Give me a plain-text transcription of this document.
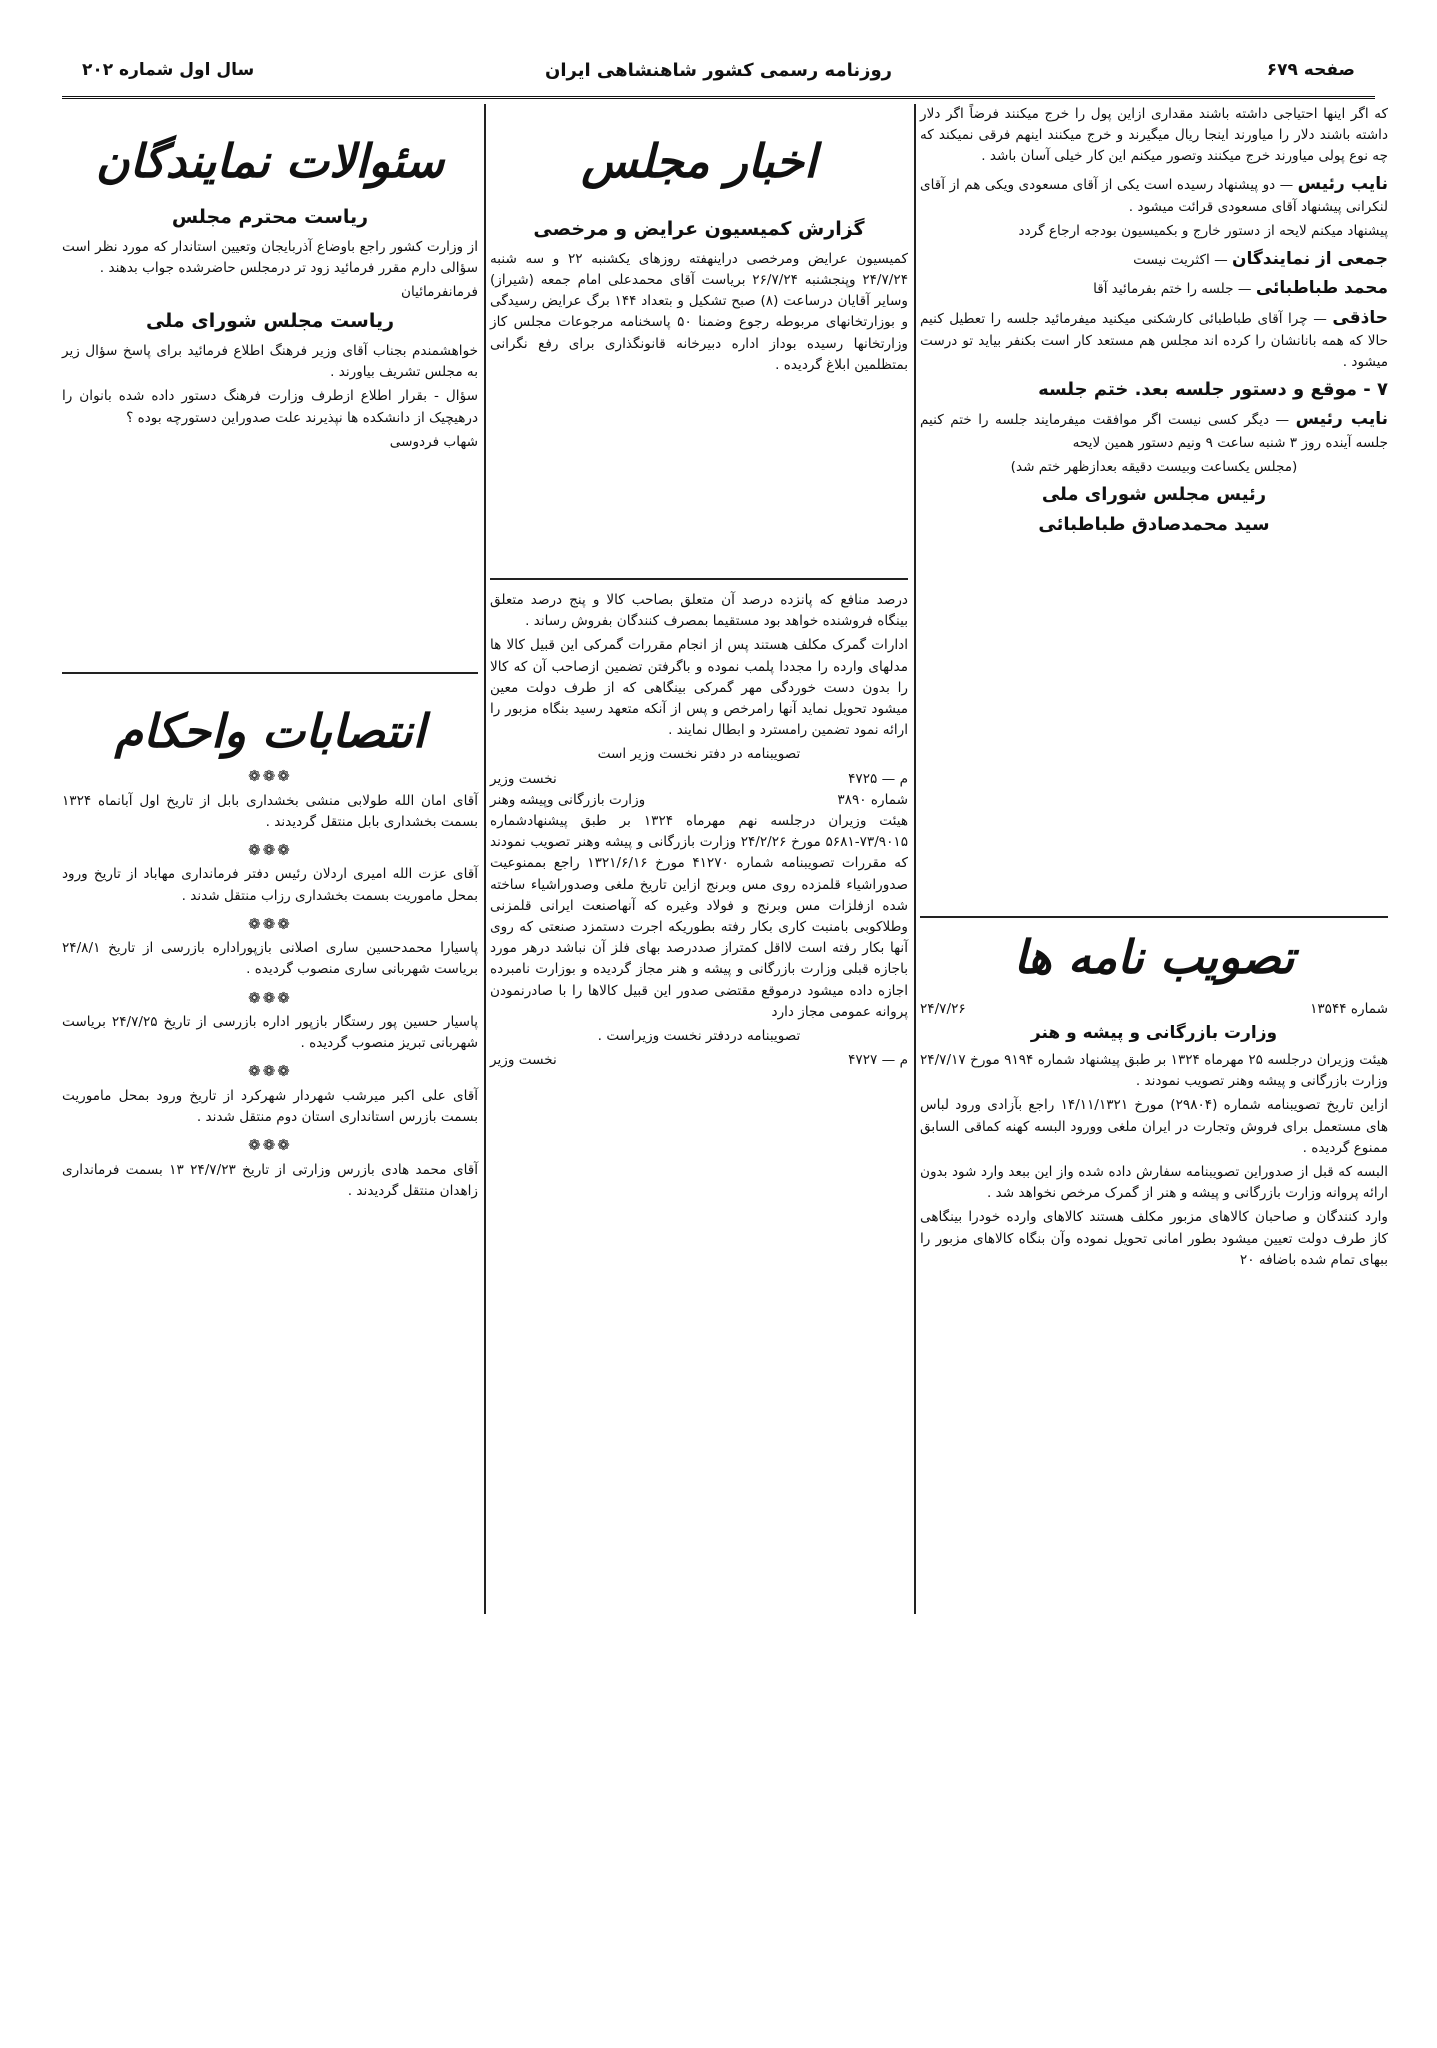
صفحه ۶۷۹
روزنامه رسمی کشور شاهنشاهی ایران
سال اول شماره ۲۰۲

که اگر اینها احتیاجی داشته باشند مقداری ازاین پول را خرج میکنند فرضاً اگر دلار داشته باشند دلار را میاورند اینجا ریال میگیرند و خرج میکنند اینهم فرقی نمیکند که چه نوع پولی میاورند خرج میکنند وتصور میکنم این کار خیلی آسان باشد .

نایب رئیس — دو پیشنهاد رسیده است یکی از آقای مسعودی ویکی هم از آقای لنکرانی پیشنهاد آقای مسعودی قرائت میشود .

پیشنهاد میکنم لایحه از دستور خارج و بکمیسیون بودجه ارجاع گردد

جمعی از نمایندگان — اکثریت نیست

محمد طباطبائی — جلسه را ختم بفرمائید آقا

حاذقی — چرا آقای طباطبائی کارشکنی میکنید میفرمائید جلسه را تعطیل کنیم حالا که همه بانانشان را کرده اند مجلس هم مستعد کار است بکنفر بیاید تو درست میشود .

۷ - موقع و دستور جلسه بعد. ختم جلسه

نایب رئیس — دیگر کسی نیست اگر موافقت میفرمایند جلسه را ختم کنیم جلسه آینده روز ۳ شنبه ساعت ۹ ونیم دستور همین لایحه

(مجلس یکساعت وبیست دقیقه بعدازظهر ختم شد)

رئیس مجلس شورای ملی

سید محمدصادق طباطبائی

تصویب نامه ها
شماره ۱۳۵۴۴
۲۴/۷/۲۶

وزارت بازرگانی و پیشه و هنر

هیئت وزیران درجلسه ۲۵ مهرماه ۱۳۲۴ بر طبق پیشنهاد شماره ۹۱۹۴ مورخ ۲۴/۷/۱۷ وزارت بازرگانی و پیشه وهنر تصویب نمودند .

ازاین تاریخ تصویبنامه شماره (۲۹۸۰۴) مورخ ۱۴/۱۱/۱۳۲۱ راجع بآزادی ورود لباس های مستعمل برای فروش وتجارت در ایران ملغی وورود البسه کهنه کماقی السابق ممنوع گردیده .

البسه که قبل از صدوراین تصویبنامه سفارش داده شده واز این ببعد وارد شود بدون ارائه پروانه وزارت بازرگانی و پیشه و هنر از گمرک مرخص نخواهد شد .

وارد کنندگان و صاحبان کالاهای مزبور مکلف هستند کالاهای وارده خودرا بینگاهی کاز طرف دولت تعیین میشود بطور امانی تحویل نموده وآن بنگاه کالاهای مزبور را ببهای تمام شده باضافه ۲۰

اخبار مجلس
گزارش کمیسیون عرایض و مرخصی

کمیسیون عرایض ومرخصی دراینهفته روزهای یکشنبه ۲۲ و سه شنبه ۲۴/۷/۲۴ وپنجشنبه ۲۶/۷/۲۴ بریاست آقای محمدعلی امام جمعه (شیراز) وسایر آقایان درساعت (۸) صبح تشکیل و بتعداد ۱۴۴ برگ عرایض رسیدگی و بوزارتخانهای مربوطه رجوع وضمنا ۵۰ پاسخنامه مرجوعات مجلس کاز وزارتخانها رسیده بوداز اداره دبیرخانه قانونگذاری برای رفع نگرانی بمتظلمین ابلاغ گردیده .

درصد منافع که پانزده درصد آن متعلق بصاحب کالا و پنج درصد متعلق بینگاه فروشنده خواهد بود مستقیما بمصرف کنندگان بفروش رساند .

ادارات گمرک مکلف هستند پس از انجام مقررات گمرکی این قبیل کالا ها مدلهای وارده را مجددا پلمب نموده و باگرفتن تضمین ازصاحب آن که کالا را بدون دست خوردگی مهر گمرکی بینگاهی که از طرف دولت معین میشود تحویل نماید آنها رامرخص و پس از آنکه متعهد رسید بنگاه مزبور را ارائه نمود تضمین رامسترد و ابطال نمایند .

تصویبنامه در دفتر نخست وزیر است

م — ۴۷۲۵
نخست وزیر
شماره ۳۸۹۰
وزارت بازرگانی وپیشه وهنر

هیئت وزیران درجلسه نهم مهرماه ۱۳۲۴ بر طبق پیشنهادشماره ۷۳/۹۰۱۵-۵۶۸۱ مورخ ۲۴/۲/۲۶ وزارت بازرگانی و پیشه وهنر تصویب نمودند که مقررات تصویبنامه شماره ۴۱۲۷۰ مورخ ۱۳۲۱/۶/۱۶ راجع بممنوعیت صدوراشیاء قلمزده روی مس وبرنج ازاین تاریخ ملغی وصدوراشیاء ساخته شده ازفلزات مس وبرنج و فولاد وغیره که آنهاصنعت ایرانی قلمزنی وطلاکوبی بامنبت کاری بکار رفته بطوریکه اجرت دستمزد صنعتی که روی آنها بکار رفته است لااقل کمتراز صددرصد بهای فلز آن نباشد درهر مورد باجازه قبلی وزارت بازرگانی و پیشه و هنر مجاز گردیده و بوزارت نامبرده اجازه داده میشود درموقع مقتضی صدور این قبیل کالاها را با صادرنمودن پروانه عمومی مجاز دارد

تصویبنامه دردفتر نخست وزیراست .

م — ۴۷۲۷
نخست وزیر
سئوالات نمایندگان
ریاست محترم مجلس

از وزارت کشور راجع باوضاع آذربایجان وتعیین استاندار که مورد نظر است سؤالی دارم مقرر فرمائید زود تر درمجلس حاضرشده جواب بدهند .

فرمانفرمائیان

ریاست مجلس شورای ملی

خواهشمندم بجناب آقای وزیر فرهنگ اطلاع فرمائید برای پاسخ سؤال زیر به مجلس تشریف بیاورند .

سؤال - بقرار اطلاع ازطرف وزارت فرهنگ دستور داده شده بانوان را درهیچیک از دانشکده ها نپذیرند علت صدوراین دستورچه بوده ؟

شهاب فردوسی

انتصابات واحکام
❁❁❁

آقای امان الله طولابی منشی بخشداری بابل از تاریخ اول آبانماه ۱۳۲۴ بسمت بخشداری بابل منتقل گردیدند .

❁❁❁

آقای عزت الله امیری اردلان رئیس دفتر فرمانداری مهاباد از تاریخ ورود بمحل ماموریت بسمت بخشداری رزاب منتقل شدند .

❁❁❁

پاسیارا محمدحسین ساری اصلانی بازپوراداره بازرسی از تاریخ ۲۴/۸/۱ بریاست شهربانی ساری منصوب گردیده .

❁❁❁

پاسیار حسین پور رستگار بازپور اداره بازرسی از تاریخ ۲۴/۷/۲۵ بریاست شهربانی تبریز منصوب گردیده .

❁❁❁

آقای علی اکبر میرشب شهردار شهرکرد از تاریخ ورود بمحل ماموریت بسمت بازرس استانداری استان دوم منتقل شدند .

❁❁❁

آقای محمد هادی بازرس وزارتی از تاریخ ۲۴/۷/۲۳ ۱۳ بسمت فرمانداری زاهدان منتقل گردیدند .
